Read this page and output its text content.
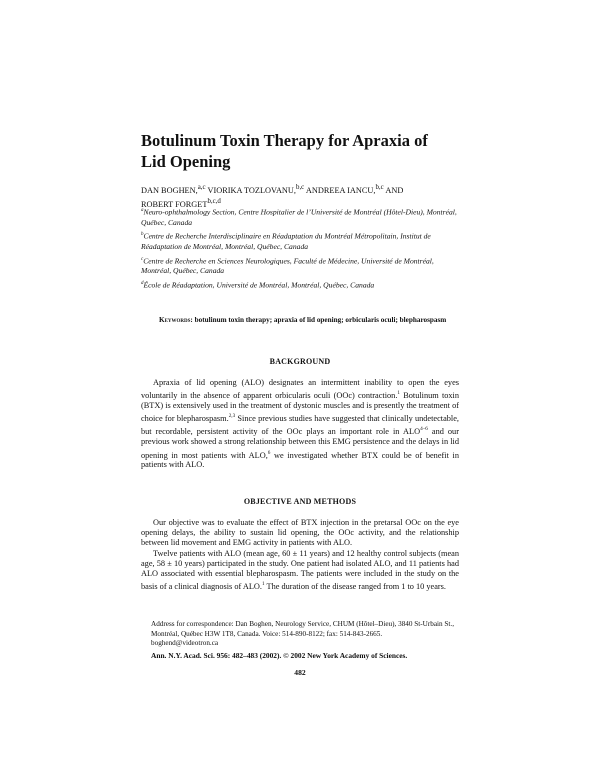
Botulinum Toxin Therapy for Apraxia of
Lid Opening
DAN BOGHEN,$^{a,c}$ VIORIKA TOZLOVANU,$^{b,c}$ ANDREEA IANCU,$^{b,c}$ AND
ROBERT FORGET$^{b,c,d}$
$^a$Neuro-ophthalmology Section, Centre Hospitalier de l’Université de Montréal (Hôtel-Dieu), Montréal, Québec, Canada
$^b$Centre de Recherche Interdisciplinaire en Réadaptation du Montréal Métropolitain, Institut de Réadaptation de Montréal, Montréal, Québec, Canada
$^c$Centre de Recherche en Sciences Neurologiques, Faculté de Médecine, Université de Montréal, Montréal, Québec, Canada
$^d$École de Réadaptation, Université de Montréal, Montréal, Québec, Canada
Keywords: botulinum toxin therapy; apraxia of lid opening; orbicularis oculi; blepharospasm
BACKGROUND

Apraxia of lid opening (ALO) designates an intermittent inability to open the eyes voluntarily in the absence of apparent orbicularis oculi (OOc) contraction.$^1$ Botulinum toxin (BTX) is extensively used in the treatment of dystonic muscles and is presently the treatment of choice for blepharospasm.$^{2,3}$ Since previous studies have suggested that clinically undetectable, but recordable, persistent activity of the OOc plays an important role in ALO$^{4-6}$ and our previous work showed a strong relationship between this EMG persistence and the delays in lid opening in most patients with ALO,$^6$ we investigated whether BTX could be of benefit in patients with ALO.

OBJECTIVE AND METHODS

Our objective was to evaluate the effect of BTX injection in the pretarsal OOc on the eye opening delays, the ability to sustain lid opening, the OOc activity, and the relationship between lid movement and EMG activity in patients with ALO.

Twelve patients with ALO (mean age, 60 ± 11 years) and 12 healthy control subjects (mean age, 58 ± 10 years) participated in the study. One patient had isolated ALO, and 11 patients had ALO associated with essential blepharospasm. The patients were included in the study on the basis of a clinical diagnosis of ALO.$^1$ The duration of the disease ranged from 1 to 10 years.

Address for correspondence: Dan Boghen, Neurology Service, CHUM (Hôtel–Dieu), 3840 St-Urbain St., Montréal, Québec H3W 1T8, Canada. Voice: 514-890-8122; fax: 514-843-2665.
boghend@videotron.ca
Ann. N.Y. Acad. Sci. 956: 482–483 (2002). © 2002 New York Academy of Sciences.
482
